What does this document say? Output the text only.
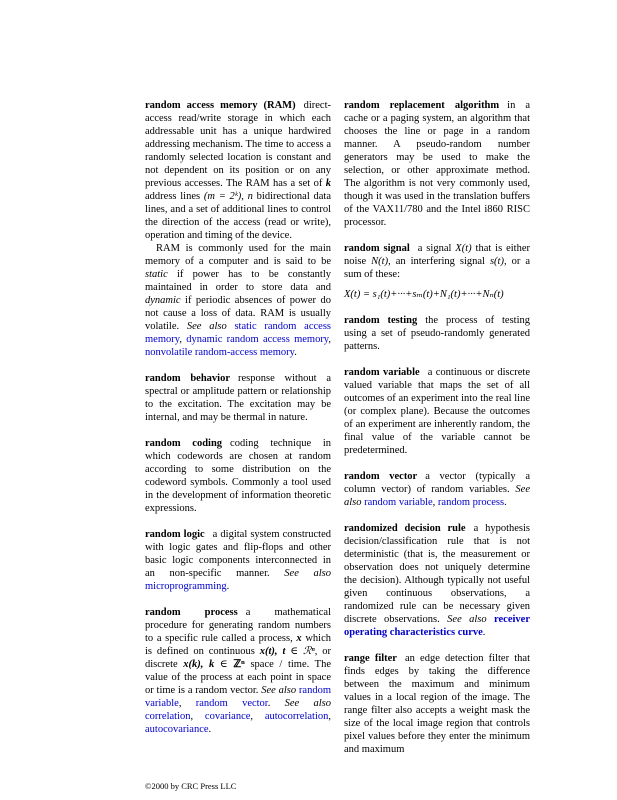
random access memory (RAM) direct-access read/write storage in which each addressable unit has a unique hardwired addressing mechanism. The time to access a randomly selected location is constant and not dependent on its position or on any previous accesses. The RAM has a set of k address lines (m = 2ᵏ), n bidirectional data lines, and a set of additional lines to control the direction of the access (read or write), operation and timing of the device.

RAM is commonly used for the main memory of a computer and is said to be static if power has to be constantly maintained in order to store data and dynamic if periodic absences of power do not cause a loss of data. RAM is usually volatile. See also static random access memory, dynamic random access memory, nonvolatile random-access memory.

random behavior response without a spectral or amplitude pattern or relationship to the excitation. The excitation may be internal, and may be thermal in nature.

random coding coding technique in which codewords are chosen at random according to some distribution on the codeword symbols. Commonly a tool used in the development of information theoretic expressions.

random logic a digital system constructed with logic gates and flip-flops and other basic logic components interconnected in an non-specific manner. See also microprogramming.

random process a mathematical procedure for generating random numbers to a specific rule called a process, x which is defined on continuous x(t), t ∈ ℛⁿ, or discrete x(k), k ∈ ℤⁿ space / time. The value of the process at each point in space or time is a random vector. See also random variable, random vector. See also correlation, covariance, autocorrelation, autocovariance.

random replacement algorithm in a cache or a paging system, an algorithm that chooses the line or page in a random manner. A pseudo-random number generators may be used to make the selection, or other approximate method. The algorithm is not very commonly used, though it was used in the translation buffers of the VAX11/780 and the Intel i860 RISC processor.

random signal a signal X(t) that is either noise N(t), an interfering signal s(t), or a sum of these:

X(t) = s₁(t)+···+sₘ(t)+N₁(t)+···+Nₙ(t)

random testing the process of testing using a set of pseudo-randomly generated patterns.

random variable a continuous or discrete valued variable that maps the set of all outcomes of an experiment into the real line (or complex plane). Because the outcomes of an experiment are inherently random, the final value of the variable cannot be predetermined.

random vector a vector (typically a column vector) of random variables. See also random variable, random process.

randomized decision rule a hypothesis decision/classification rule that is not deterministic (that is, the measurement or observation does not uniquely determine the decision). Although typically not useful given continuous observations, a randomized rule can be necessary given discrete observations. See also receiver operating characteristics curve.

range filter an edge detection filter that finds edges by taking the difference between the maximum and minimum values in a local region of the image. The range filter also accepts a weight mask the size of the local image region that controls pixel values before they enter the minimum and maximum

©2000 by CRC Press LLC
